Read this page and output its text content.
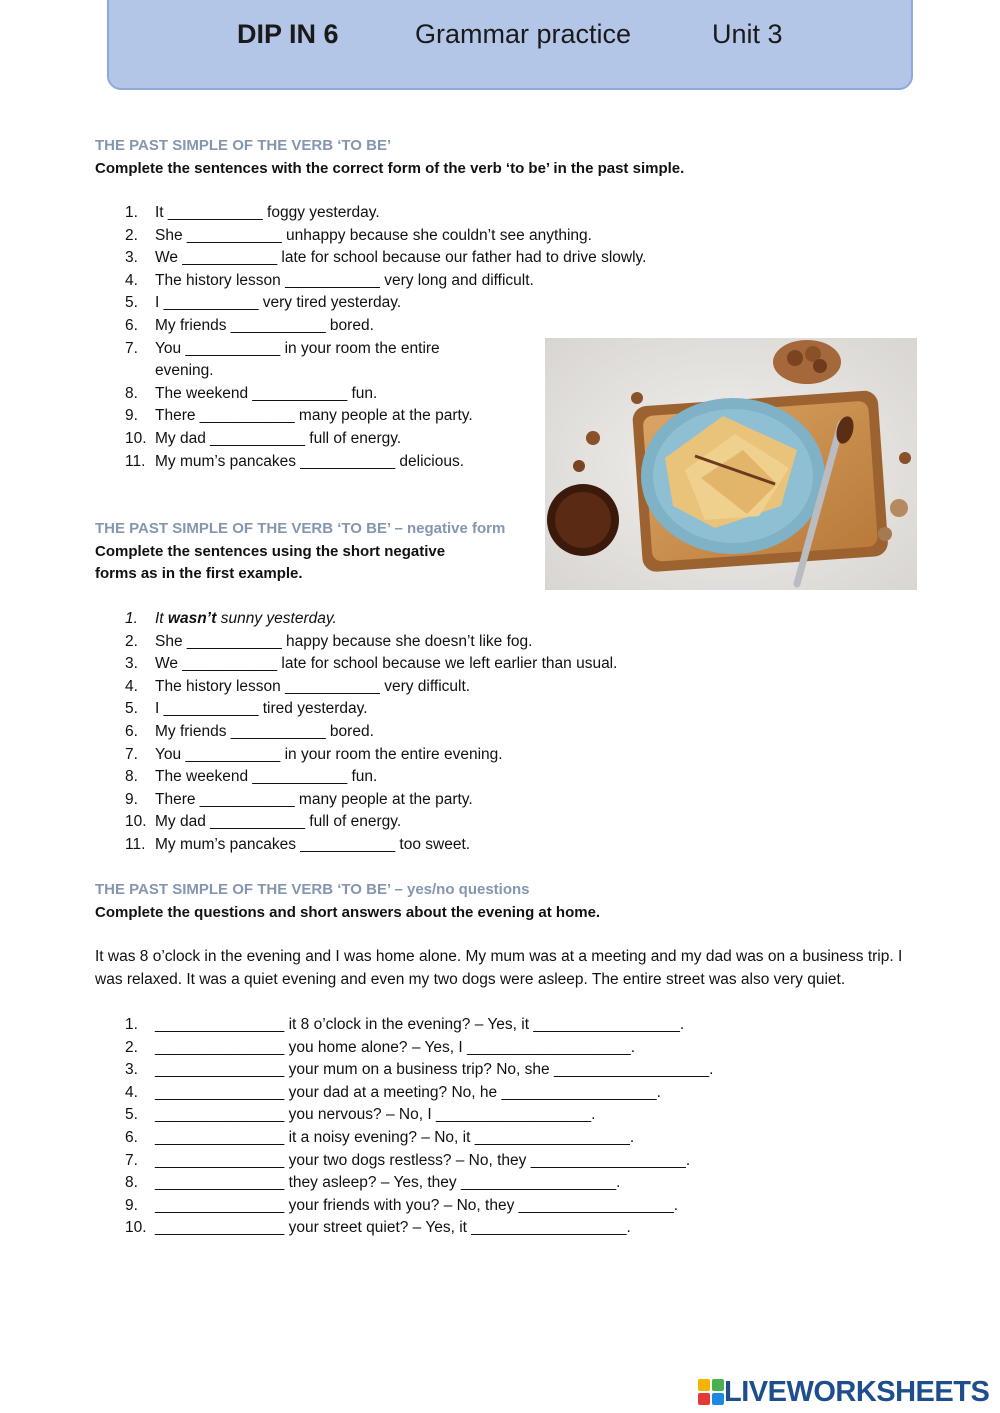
DIP IN 6	Grammar practice	Unit 3

THE PAST SIMPLE OF THE VERB ‘TO BE’

Complete the sentences with the correct form of the verb ‘to be’ in the past simple.

1.	It ___________ foggy yesterday.
2.	She ___________ unhappy because she couldn’t see anything.
3.	We ___________ late for school because our father had to drive slowly.
4.	The history lesson ___________ very long and difficult.
5.	I ___________ very tired yesterday.
6.	My friends ___________ bored.
7.	You ___________ in your room the entire evening.
8.	The weekend ___________ fun.
9.	There ___________ many people at the party.
10. My dad ___________ full of energy.
11. My mum’s pancakes ___________ delicious.

THE PAST SIMPLE OF THE VERB ‘TO BE’ – negative form

Complete the sentences using the short negative

forms as in the first example.

1.	It wasn’t sunny yesterday.
2.	She ___________ happy because she doesn’t like fog.
3.	We ___________ late for school because we left earlier than usual.
4.	The history lesson ___________ very difficult.
5.	I ___________ tired yesterday.
6.	My friends ___________ bored.
7.	You ___________ in your room the entire evening.
8.	The weekend ___________ fun.
9.	There ___________ many people at the party.
10. My dad ___________ full of energy.
11. My mum’s pancakes ___________ too sweet.

THE PAST SIMPLE OF THE VERB ‘TO BE’ – yes/no questions

Complete the questions and short answers about the evening at home.

It was 8 o’clock in the evening and I was home alone. My mum was at a meeting and my dad was on a business trip. I was relaxed. It was a quiet evening and even my two dogs were asleep. The entire street was also very quiet.

1.	_______________ it 8 o’clock in the evening? – Yes, it _________________.
2.	_______________ you home alone? – Yes, I ___________________.
3.	_______________ your mum on a business trip? No, she __________________.
4.	_______________ your dad at a meeting? No, he __________________.
5.	_______________ you nervous? – No, I __________________.
6.	_______________ it a noisy evening? – No, it __________________.
7.	_______________ your two dogs restless? – No, they __________________.
8.	_______________ they asleep? – Yes, they __________________.
9.	_______________ your friends with you? – No, they __________________.
10. _______________ your street quiet? – Yes, it __________________.
LIVEWORKSHEETS
